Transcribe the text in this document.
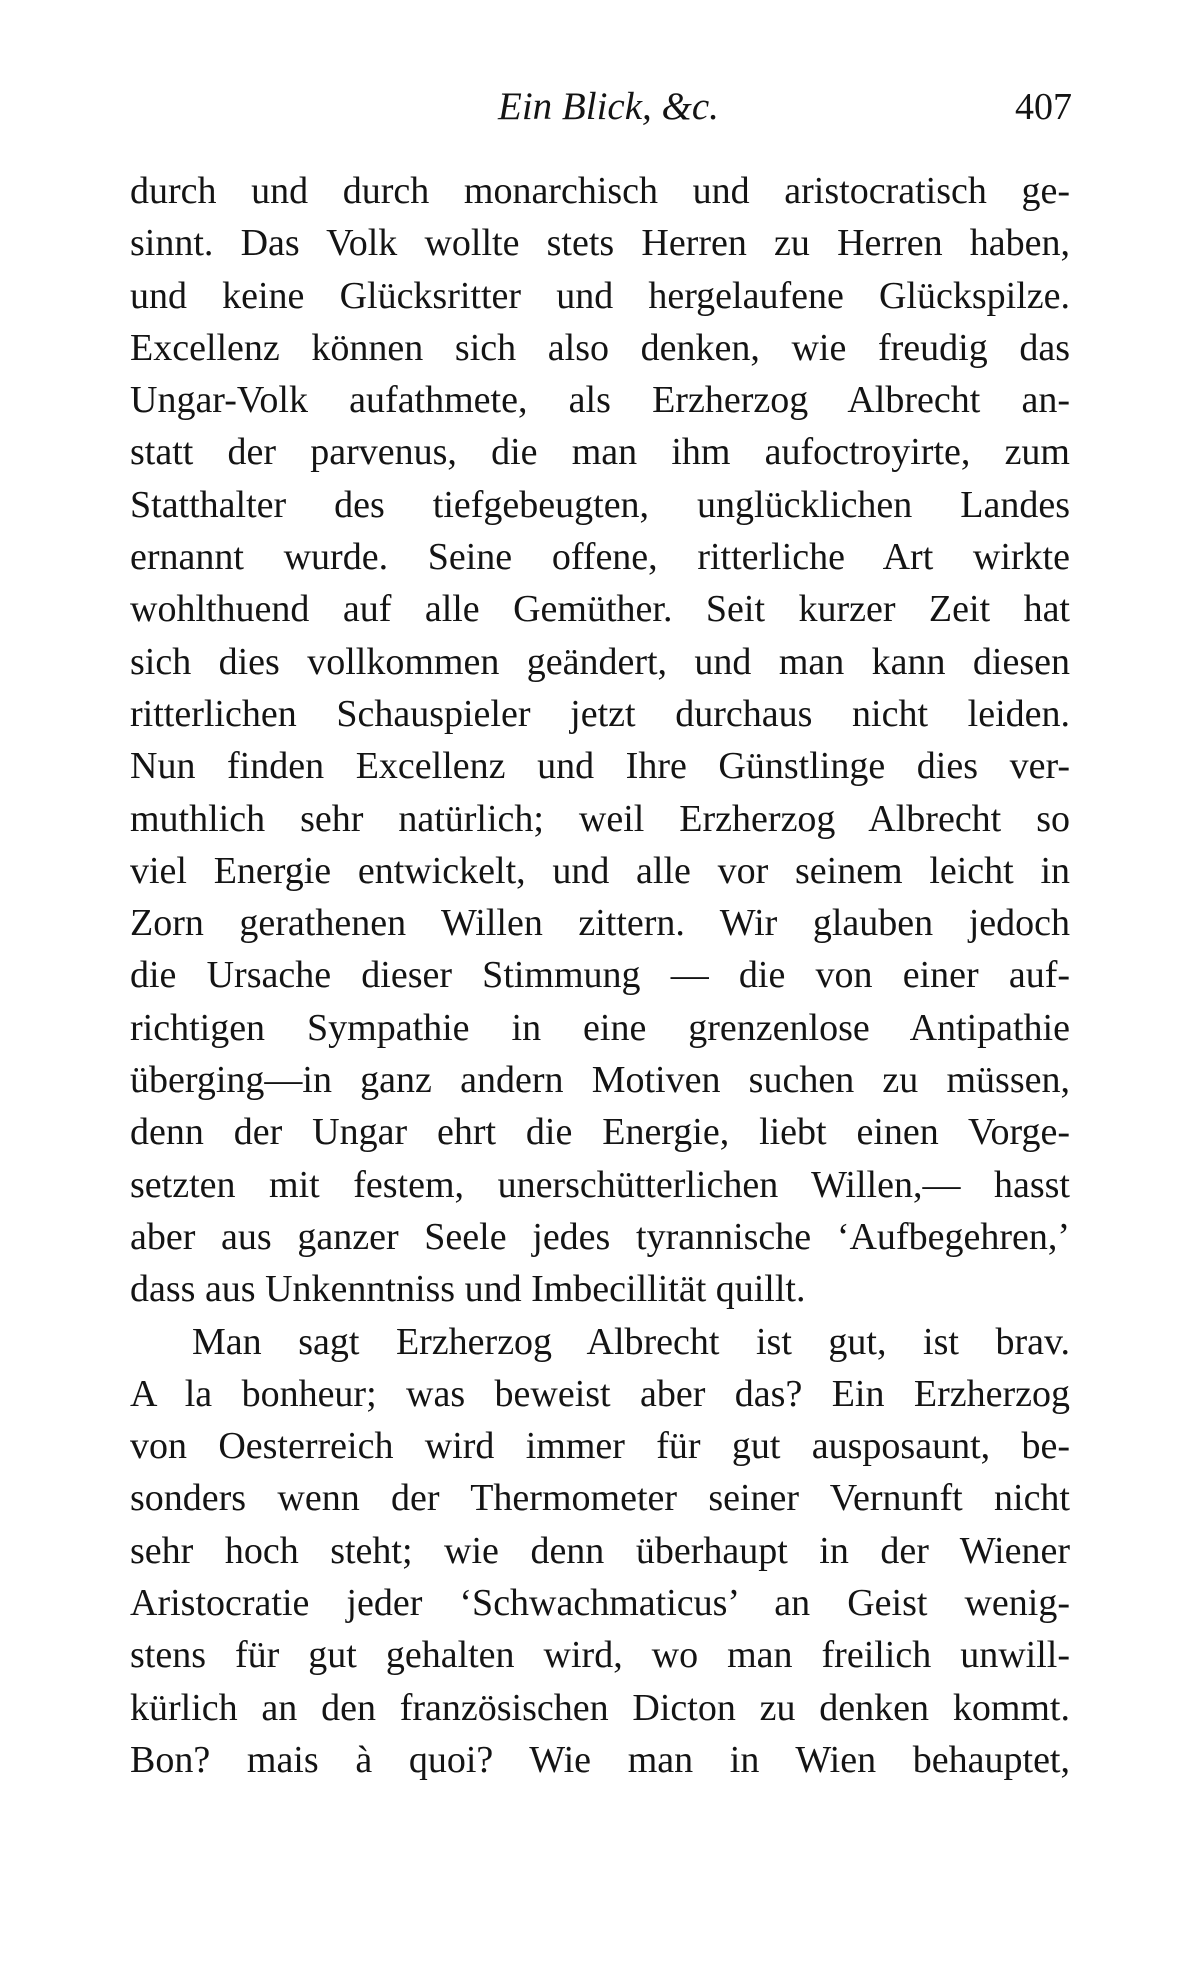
Ein Blick, &c.	407
durch und durch monarchisch und aristocratisch ge-
sinnt. Das Volk wollte stets Herren zu Herren haben,
und keine Glücksritter und hergelaufene Glückspilze.
Excellenz können sich also denken, wie freudig das
Ungar-Volk aufathmete, als Erzherzog Albrecht an-
statt der parvenus, die man ihm aufoctroyirte, zum
Statthalter des tiefgebeugten, unglücklichen Landes
ernannt wurde. Seine offene, ritterliche Art wirkte
wohlthuend auf alle Gemüther. Seit kurzer Zeit hat
sich dies vollkommen geändert, und man kann diesen
ritterlichen Schauspieler jetzt durchaus nicht leiden.
Nun finden Excellenz und Ihre Günstlinge dies ver-
muthlich sehr natürlich; weil Erzherzog Albrecht so
viel Energie entwickelt, und alle vor seinem leicht in
Zorn gerathenen Willen zittern. Wir glauben jedoch
die Ursache dieser Stimmung — die von einer auf-
richtigen Sympathie in eine grenzenlose Antipathie
überging—in ganz andern Motiven suchen zu müssen,
denn der Ungar ehrt die Energie, liebt einen Vorge-
setzten mit festem, unerschütterlichen Willen,— hasst
aber aus ganzer Seele jedes tyrannische ‘Aufbegehren,’
dass aus Unkenntniss und Imbecillität quillt.
Man sagt Erzherzog Albrecht ist gut, ist brav.
A la bonheur; was beweist aber das? Ein Erzherzog
von Oesterreich wird immer für gut ausposaunt, be-
sonders wenn der Thermometer seiner Vernunft nicht
sehr hoch steht; wie denn überhaupt in der Wiener
Aristocratie jeder ‘Schwachmaticus’ an Geist wenig-
stens für gut gehalten wird, wo man freilich unwill-
kürlich an den französischen Dicton zu denken kommt.
Bon? mais à quoi? Wie man in Wien behauptet,
